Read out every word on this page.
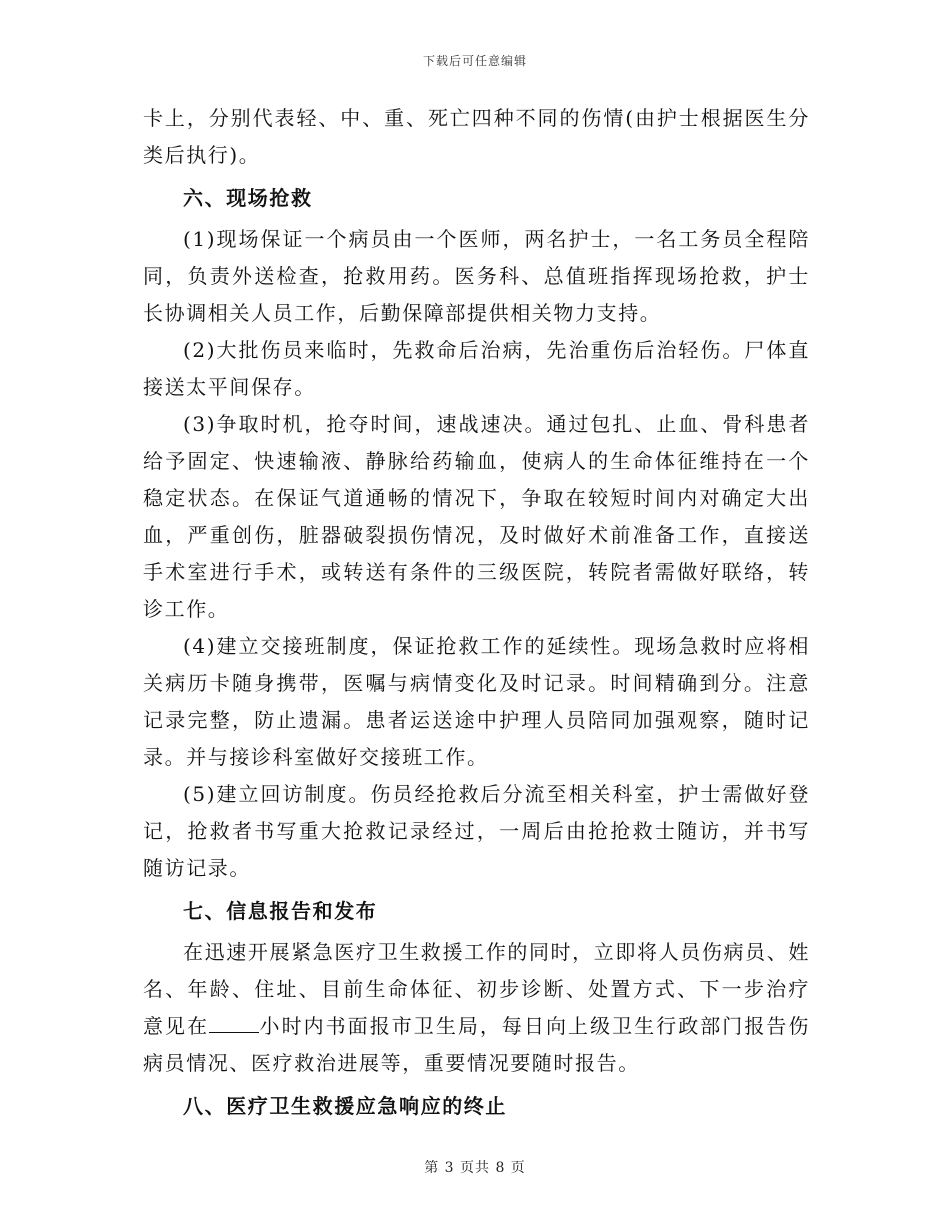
下载后可任意编辑

卡上，分别代表轻、中、重、死亡四种不同的伤情(由护士根据医生分类后执行)。

六、现场抢救

(1)现场保证一个病员由一个医师，两名护士，一名工务员全程陪同，负责外送检查，抢救用药。医务科、总值班指挥现场抢救，护士长协调相关人员工作，后勤保障部提供相关物力支持。

(2)大批伤员来临时，先救命后治病，先治重伤后治轻伤。尸体直接送太平间保存。

(3)争取时机，抢夺时间，速战速决。通过包扎、止血、骨科患者给予固定、快速输液、静脉给药输血，使病人的生命体征维持在一个稳定状态。在保证气道通畅的情况下，争取在较短时间内对确定大出血，严重创伤，脏器破裂损伤情况，及时做好术前准备工作，直接送手术室进行手术，或转送有条件的三级医院，转院者需做好联络，转诊工作。

(4)建立交接班制度，保证抢救工作的延续性。现场急救时应将相关病历卡随身携带，医嘱与病情变化及时记录。时间精确到分。注意记录完整，防止遗漏。患者运送途中护理人员陪同加强观察，随时记录。并与接诊科室做好交接班工作。

(5)建立回访制度。伤员经抢救后分流至相关科室，护士需做好登记，抢救者书写重大抢救记录经过，一周后由抢抢救士随访，并书写随访记录。

七、信息报告和发布

在迅速开展紧急医疗卫生救援工作的同时，立即将人员伤病员、姓名、年龄、住址、目前生命体征、初步诊断、处置方式、下一步治疗意见在	小时内书面报市卫生局，每日向上级卫生行政部门报告伤病员情况、医疗救治进展等，重要情况要随时报告。

八、医疗卫生救援应急响应的终止

第 3 页共 8 页
